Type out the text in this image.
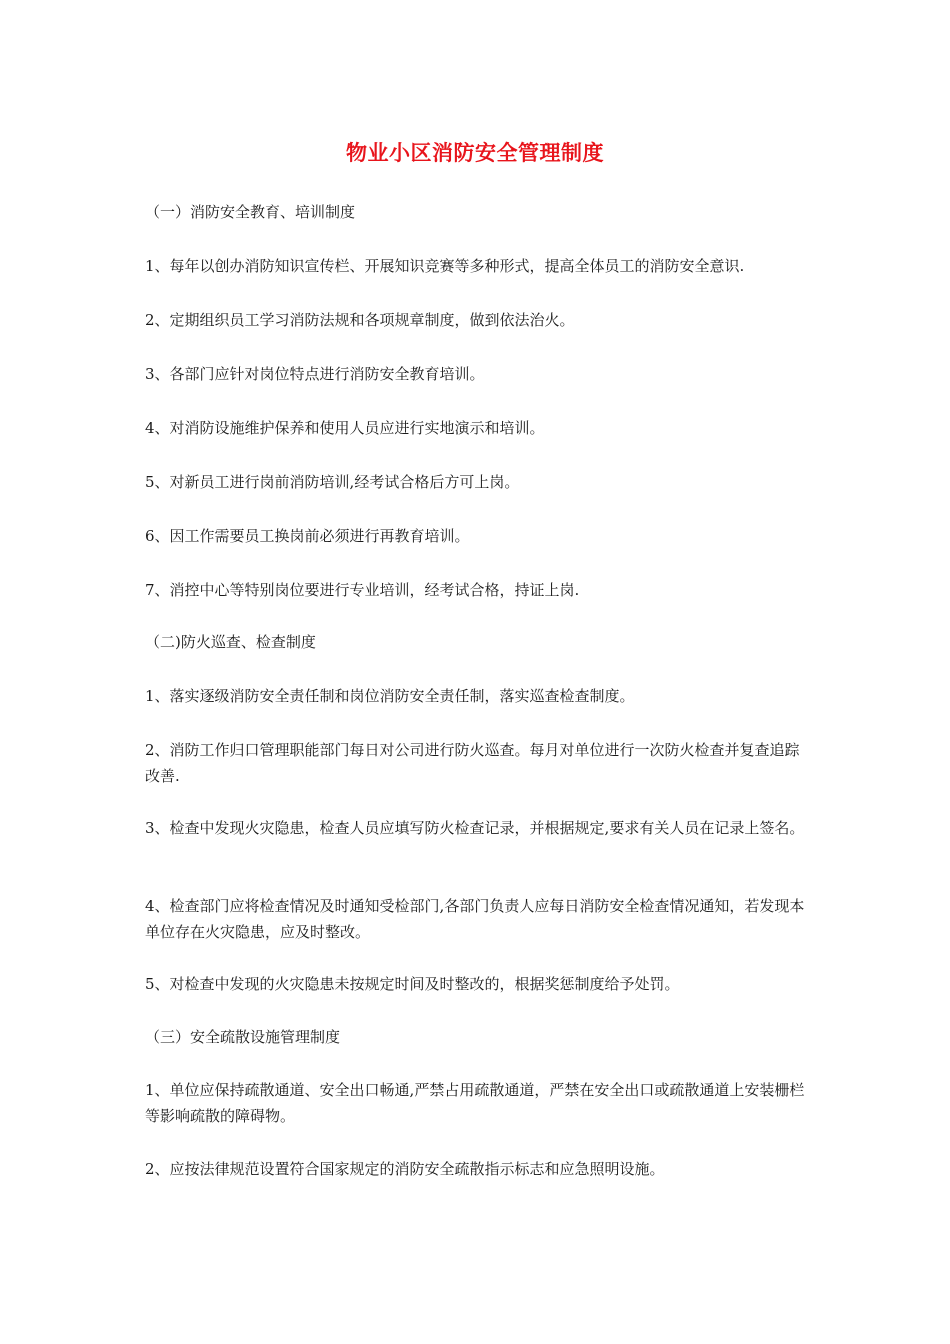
物业小区消防安全管理制度
（一）消防安全教育、培训制度
1、每年以创办消防知识宣传栏、开展知识竞赛等多种形式，提高全体员工的消防安全意识.
2、定期组织员工学习消防法规和各项规章制度，做到依法治火。
3、各部门应针对岗位特点进行消防安全教育培训。
4、对消防设施维护保养和使用人员应进行实地演示和培训。
5、对新员工进行岗前消防培训,经考试合格后方可上岗。
6、因工作需要员工换岗前必须进行再教育培训。
7、消控中心等特别岗位要进行专业培训，经考试合格，持证上岗.
（二)防火巡查、检查制度
1、落实逐级消防安全责任制和岗位消防安全责任制，落实巡查检查制度。
2、消防工作归口管理职能部门每日对公司进行防火巡查。每月对单位进行一次防火检查并复查追踪改善.
3、检查中发现火灾隐患，检查人员应填写防火检查记录，并根据规定,要求有关人员在记录上签名。
4、检查部门应将检查情况及时通知受检部门,各部门负责人应每日消防安全检查情况通知，若发现本单位存在火灾隐患，应及时整改。
5、对检查中发现的火灾隐患未按规定时间及时整改的，根据奖惩制度给予处罚。
（三）安全疏散设施管理制度
1、单位应保持疏散通道、安全出口畅通,严禁占用疏散通道，严禁在安全出口或疏散通道上安装栅栏等影响疏散的障碍物。
2、应按法律规范设置符合国家规定的消防安全疏散指示标志和应急照明设施。
